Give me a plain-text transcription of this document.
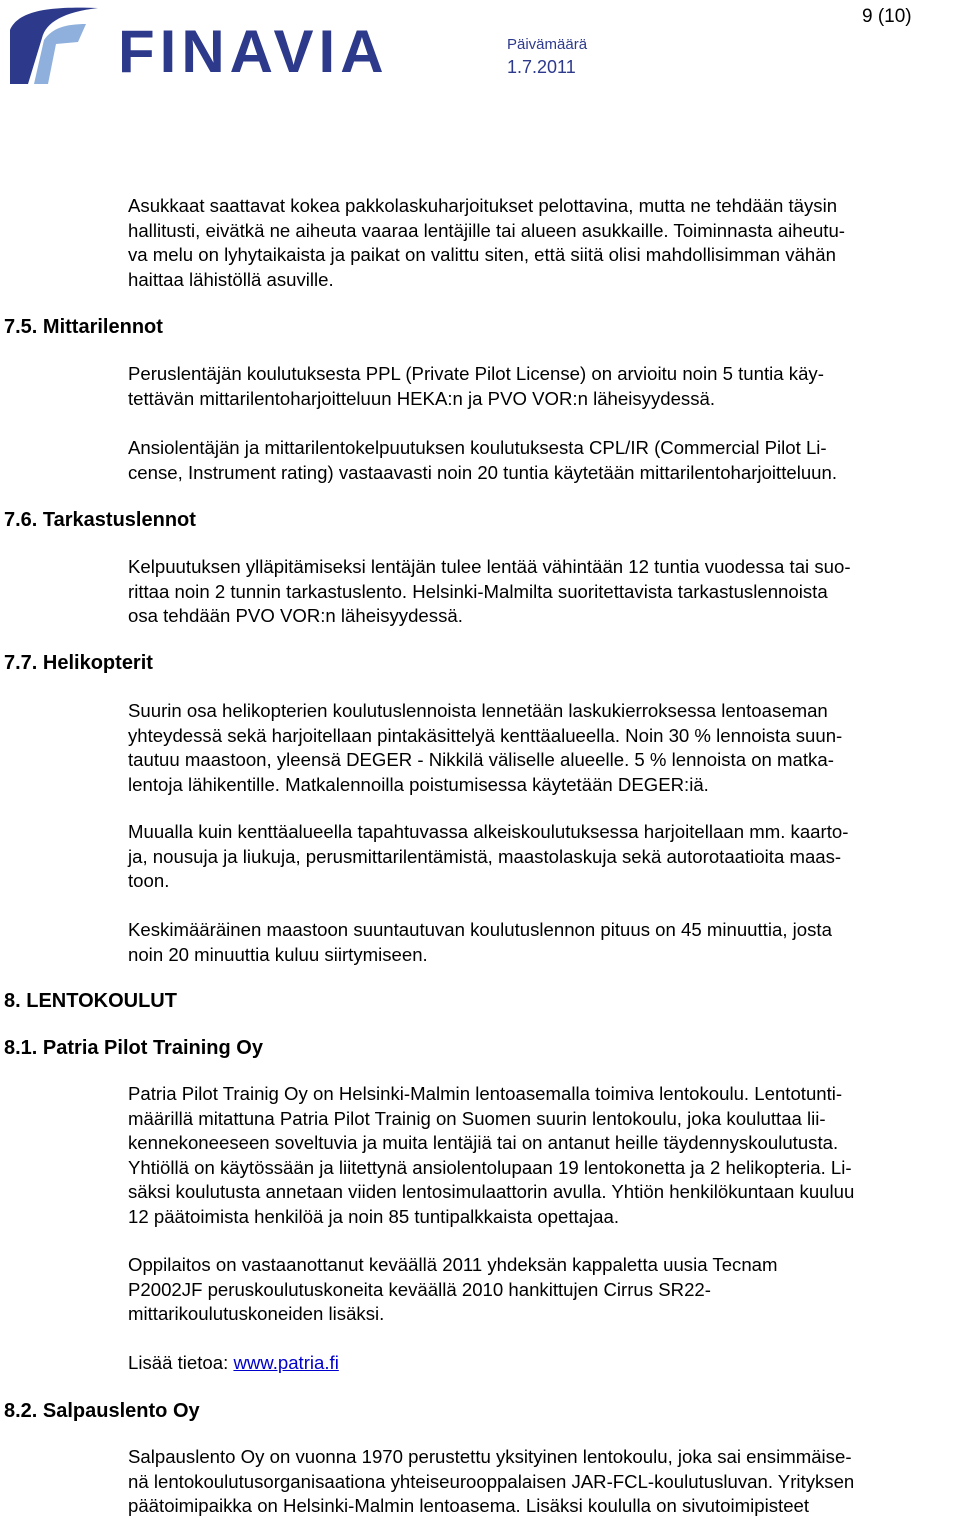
FINAVIA
9 (10)
Päivämäärä
1.7.2011
7.5. Mittarilennot
7.6. Tarkastuslennot
7.7. Helikopterit
8. LENTOKOULUT
8.1. Patria Pilot Training Oy
8.2. Salpauslento Oy
Asukkaat saattavat kokea pakkolaskuharjoitukset pelottavina, mutta ne tehdään täysin
hallitusti, eivätkä ne aiheuta vaaraa lentäjille tai alueen asukkaille. Toiminnasta aiheutu-
va melu on lyhytaikaista ja paikat on valittu siten, että siitä olisi mahdollisimman vähän
haittaa lähistöllä asuville.
Peruslentäjän koulutuksesta PPL (Private Pilot License) on arvioitu noin 5 tuntia käy-
tettävän mittarilentoharjoitteluun HEKA:n ja PVO VOR:n läheisyydessä.
Ansiolentäjän ja mittarilentokelpuutuksen koulutuksesta CPL/IR (Commercial Pilot Li-
cense, Instrument rating) vastaavasti noin 20 tuntia käytetään mittarilentoharjoitteluun.
Kelpuutuksen ylläpitämiseksi lentäjän tulee lentää vähintään 12 tuntia vuodessa tai suo-
rittaa noin 2 tunnin tarkastuslento. Helsinki-Malmilta suoritettavista tarkastuslennoista
osa tehdään PVO VOR:n läheisyydessä.
Suurin osa helikopterien koulutuslennoista lennetään laskukierroksessa lentoaseman
yhteydessä sekä harjoitellaan pintakäsittelyä kenttäalueella. Noin 30 % lennoista suun-
tautuu maastoon, yleensä DEGER - Nikkilä väliselle alueelle. 5 % lennoista on matka-
lentoja lähikentille. Matkalennoilla poistumisessa käytetään DEGER:iä.
Muualla kuin kenttäalueella tapahtuvassa alkeiskoulutuksessa harjoitellaan mm. kaarto-
ja, nousuja ja liukuja, perusmittarilentämistä, maastolaskuja sekä autorotaatioita maas-
toon.
Keskimääräinen maastoon suuntautuvan koulutuslennon pituus on 45 minuuttia, josta
noin 20 minuuttia kuluu siirtymiseen.
Patria Pilot Trainig Oy on Helsinki-Malmin lentoasemalla toimiva lentokoulu. Lentotunti-
määrillä mitattuna Patria Pilot Trainig on Suomen suurin lentokoulu, joka kouluttaa lii-
kennekoneeseen soveltuvia ja muita lentäjiä tai on antanut heille täydennyskoulutusta.
Yhtiöllä on käytössään ja liitettynä ansiolentolupaan 19 lentokonetta ja 2 helikopteria. Li-
säksi koulutusta annetaan viiden lentosimulaattorin avulla. Yhtiön henkilökuntaan kuuluu
12 päätoimista henkilöä ja noin 85 tuntipalkkaista opettajaa.
Oppilaitos on vastaanottanut keväällä 2011 yhdeksän kappaletta uusia Tecnam
P2002JF peruskoulutuskoneita keväällä 2010 hankittujen Cirrus SR22-
mittarikoulutuskoneiden lisäksi.
Lisää tietoa: www.patria.fi
Salpauslento Oy on vuonna 1970 perustettu yksityinen lentokoulu, joka sai ensimmäise-
nä lentokoulutusorganisaationa yhteiseurooppalaisen JAR-FCL-koulutusluvan. Yrityksen
päätoimipaikka on Helsinki-Malmin lentoasema. Lisäksi koululla on sivutoimipisteet
